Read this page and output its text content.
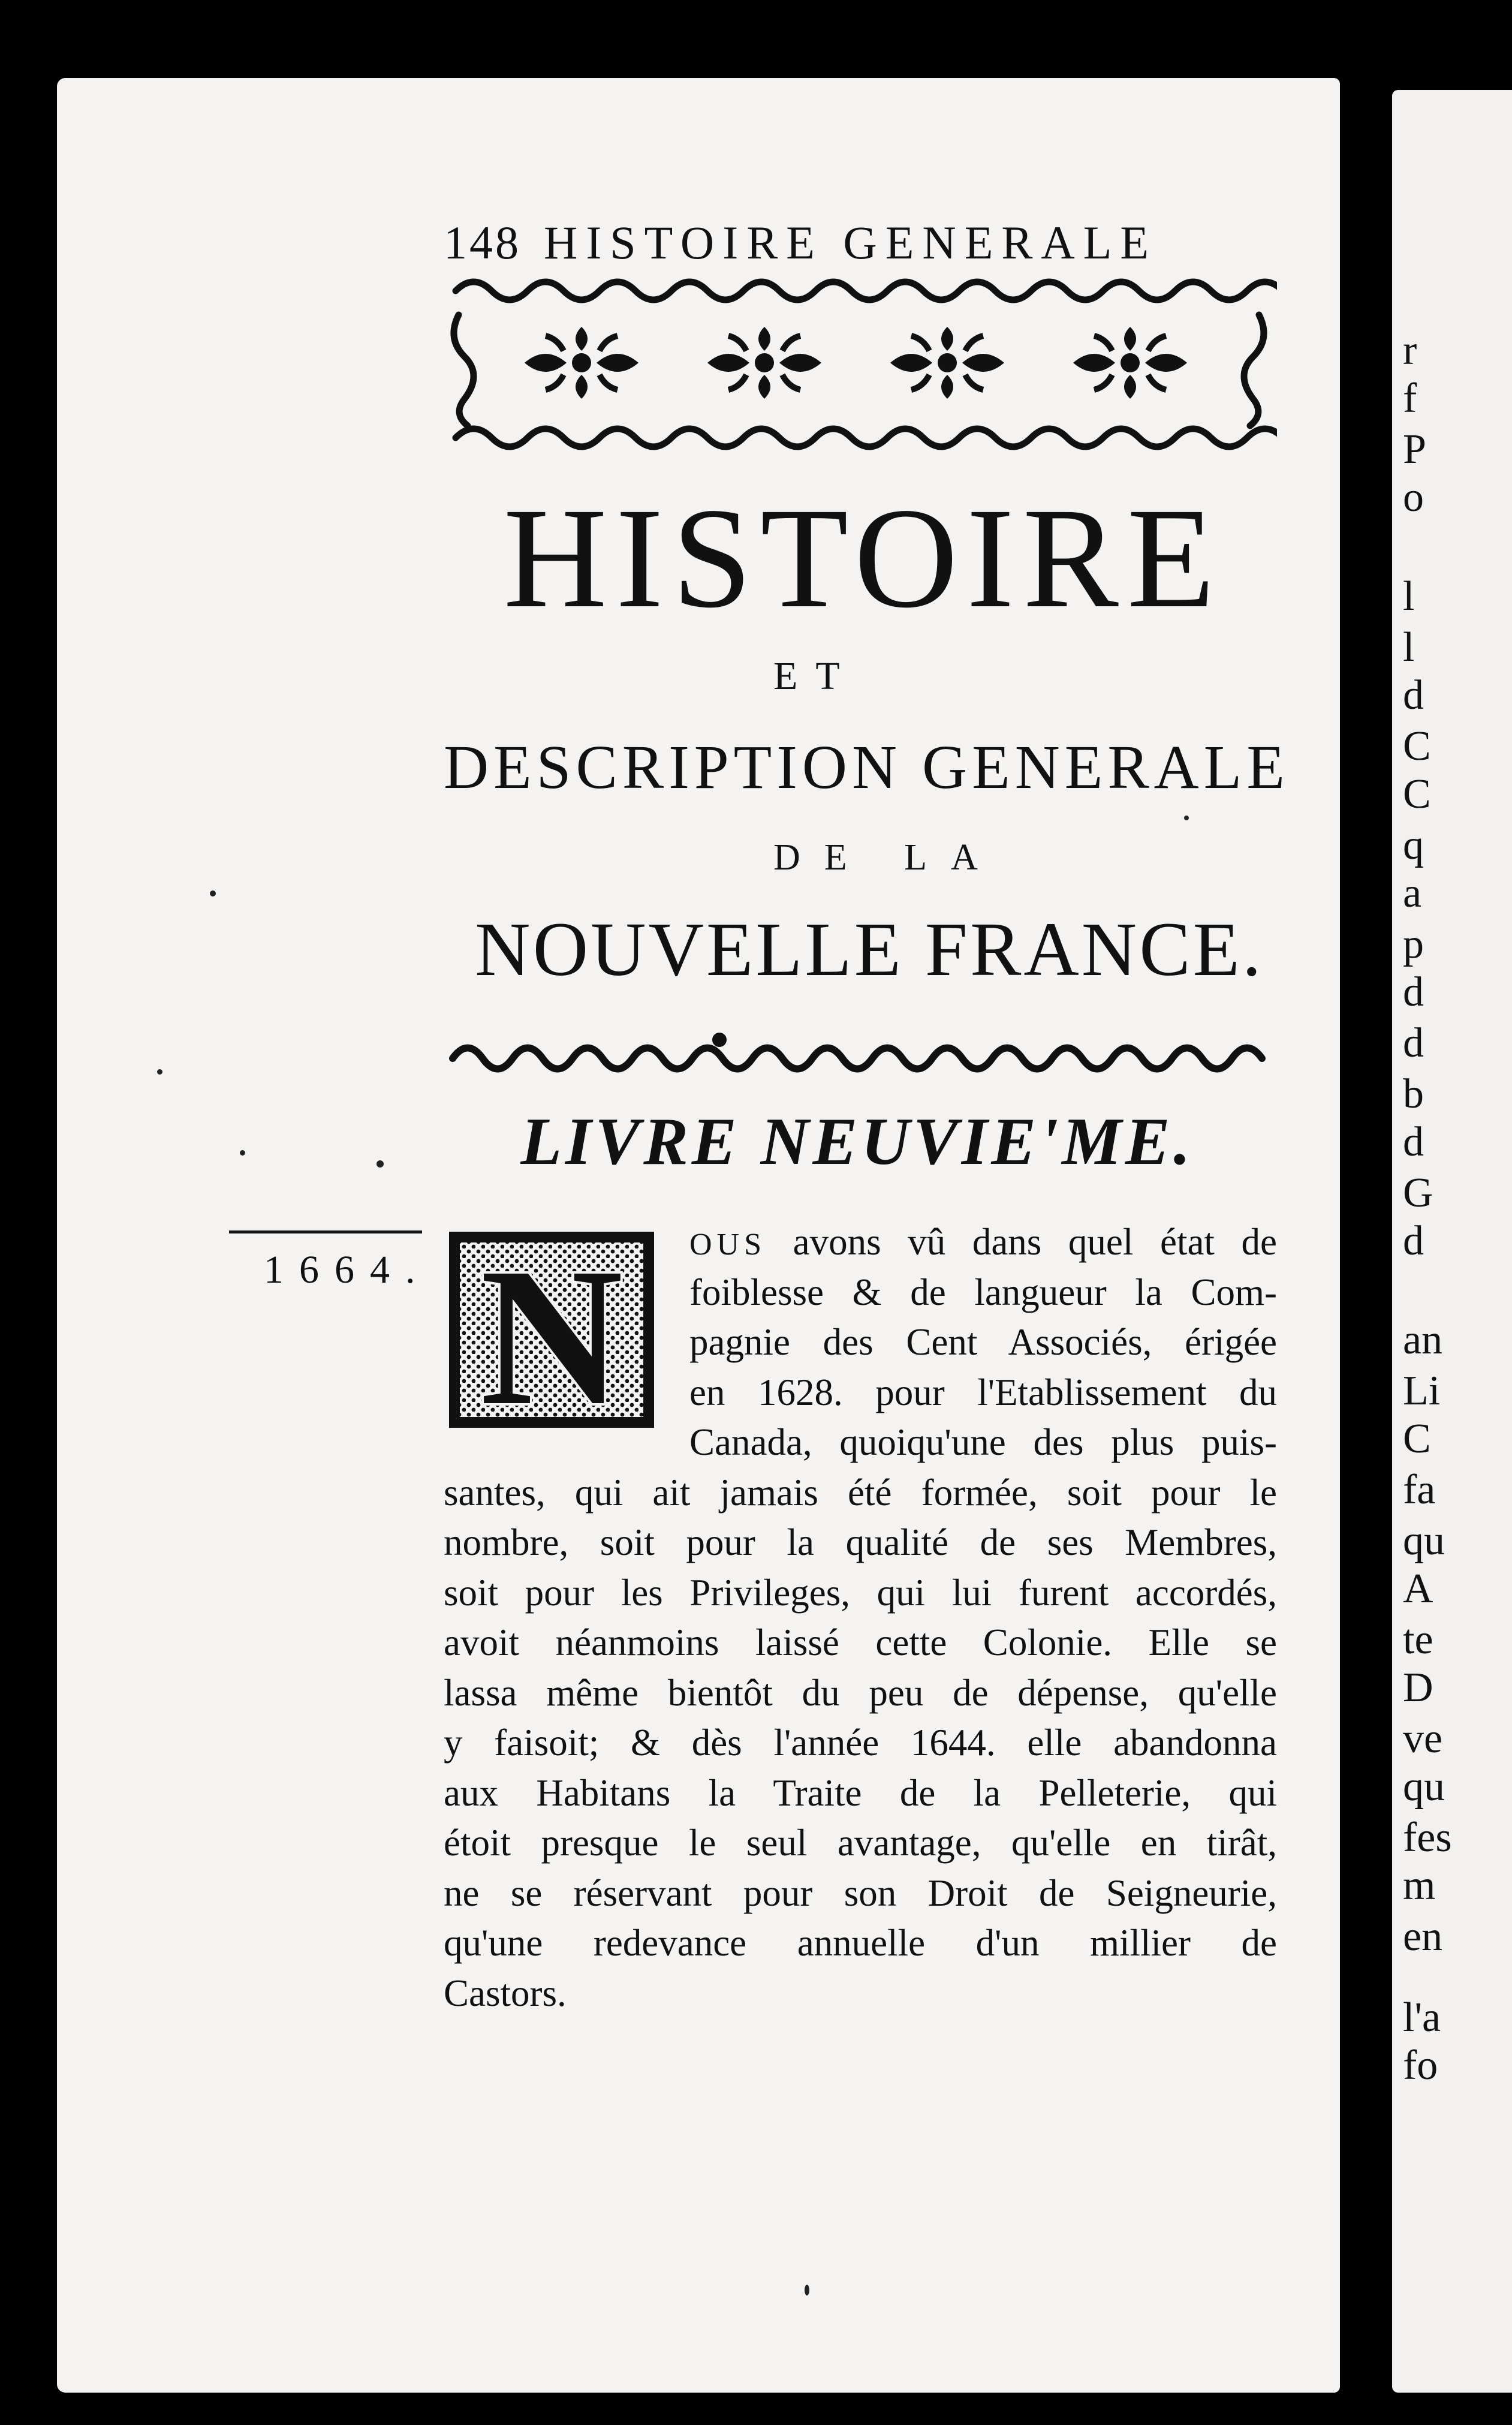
r
f
P
o
l
l
d
C
C
q
a
p
d
d
b
d
G
d
an
Li
C
fa
qu
A
te
D
ve
qu
fes
m
en
l'a
fo
148 HISTOIRE GENERALE
HISTOIRE
ET
DESCRIPTION GENERALE
DE LA
NOUVELLE FRANCE.
LIVRE NEUVIE'ME.
1664. N	OUS avons vû dans quel état de
foiblesse & de langueur la Com-
pagnie des Cent Associés, érigée
en 1628. pour l'Etablissement du
Canada, quoiqu'une des plus puis-
santes, qui ait jamais été formée, soit pour le
nombre, soit pour la qualité de ses Membres,
soit pour les Privileges, qui lui furent accordés,
avoit néanmoins laissé cette Colonie. Elle se
lassa même bientôt du peu de dépense, qu'elle
y faisoit; & dès l'année 1644. elle abandonna
aux Habitans la Traite de la Pelleterie, qui
étoit presque le seul avantage, qu'elle en tirât,
ne se réservant pour son Droit de Seigneurie,
qu'une redevance annuelle d'un millier de
Castors.
